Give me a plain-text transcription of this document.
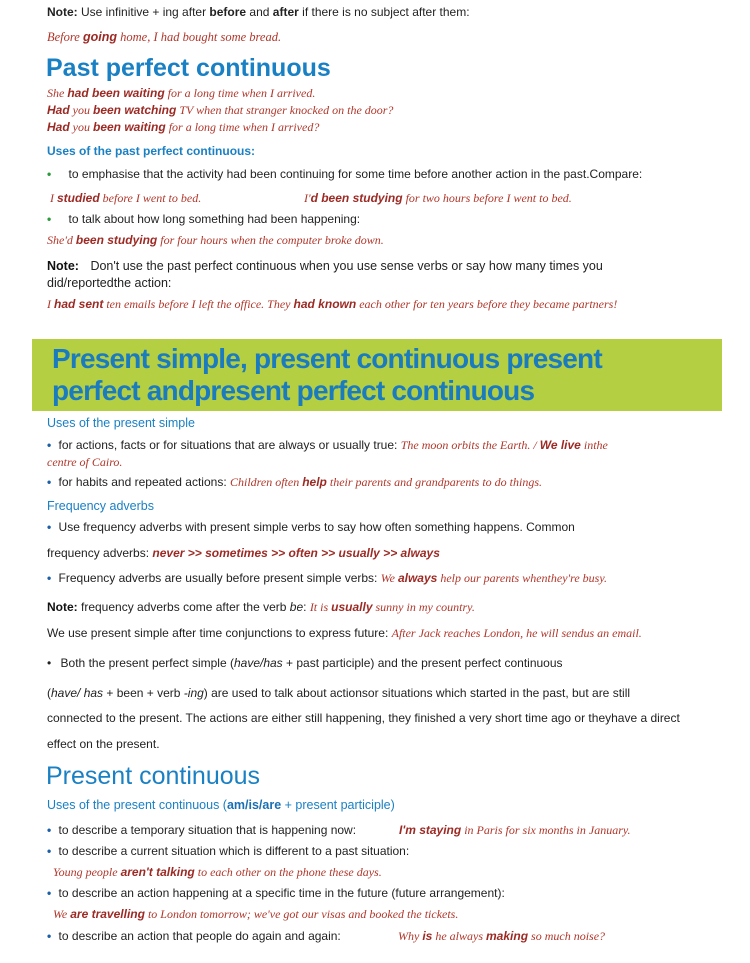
Note: Use infinitive + ing after before and after if there is no subject after them:
Before going home, I had bought some bread.
Past perfect continuous
She had been waiting for a long time when I arrived.
Had you been watching TV when that stranger knocked on the door?
Had you been waiting for a long time when I arrived?
Uses of the past perfect continuous:
• to emphasise that the activity had been continuing for some time before another action in the past.Compare:
I studied before I went to bed.	I'd been studying for two hours before I went to bed.
• to talk about how long something had been happening:
She'd been studying for four hours when the computer broke down.
Note: Don't use the past perfect continuous when you use sense verbs or say how many times you
did/reportedthe action:
I had sent ten emails before I left the office. They had known each other for ten years before they became partners!
Present simple, present continuous present
perfect andpresent perfect continuous
Uses of the present simple
• for actions, facts or for situations that are always or usually true: The moon orbits the Earth. / We live inthe
centre of Cairo.
• for habits and repeated actions: Children often help their parents and grandparents to do things.
Frequency adverbs
• Use frequency adverbs with present simple verbs to say how often something happens. Common
frequency adverbs: never >> sometimes >> often >> usually >> always
• Frequency adverbs are usually before present simple verbs: We always help our parents whenthey're busy.
Note: frequency adverbs come after the verb be: It is usually sunny in my country.
We use present simple after time conjunctions to express future: After Jack reaches London, he will sendus an email.
• Both the present perfect simple (have/has + past participle) and the present perfect continuous
(have/ has + been + verb -ing) are used to talk about actionsor situations which started in the past, but are still
connected to the present. The actions are either still happening, they finished a very short time ago or theyhave a direct
effect on the present.
Present continuous
Uses of the present continuous (am/is/are + present participle)
• to describe a temporary situation that is happening now:	I'm staying in Paris for six months in January.
• to describe a current situation which is different to a past situation:
Young people aren't talking to each other on the phone these days.
• to describe an action happening at a specific time in the future (future arrangement):
We are travelling to London tomorrow; we've got our visas and booked the tickets.
• to describe an action that people do again and again:	Why is he always making so much noise?
